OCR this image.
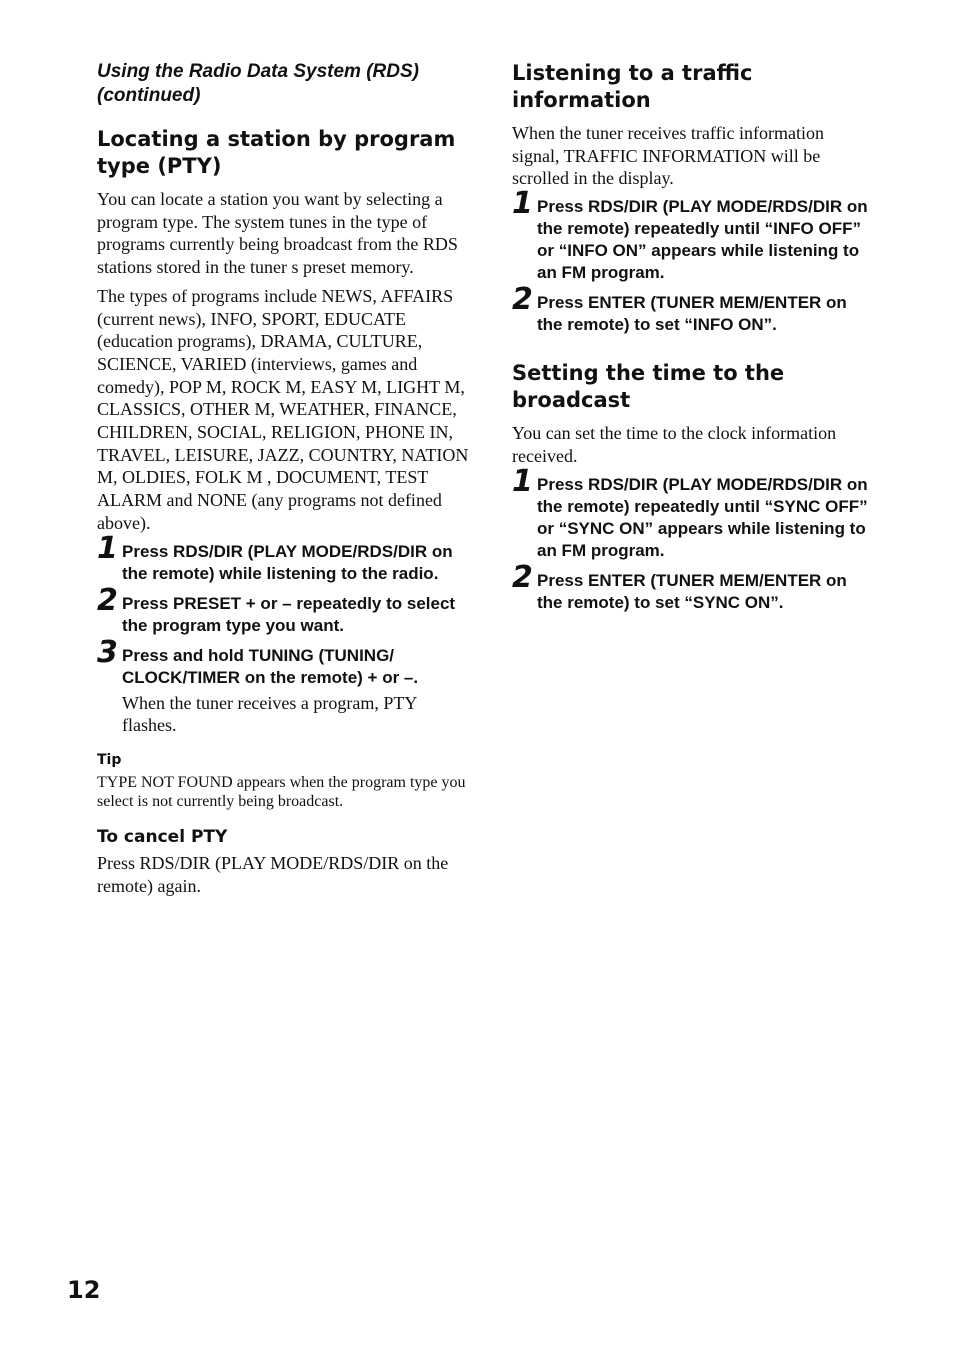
Using the Radio Data System (RDS) (continued)
Locating a station by program type (PTY)

You can locate a station you want by selecting a program type. The system tunes in the type of programs currently being broadcast from the RDS stations stored in the tuner s preset memory.

The types of programs include NEWS, AFFAIRS (current news), INFO, SPORT, EDUCATE (education programs), DRAMA, CULTURE, SCIENCE, VARIED (interviews, games and comedy), POP M, ROCK M, EASY M, LIGHT M, CLASSICS, OTHER M, WEATHER, FINANCE, CHILDREN, SOCIAL, RELIGION, PHONE IN, TRAVEL, LEISURE, JAZZ, COUNTRY, NATION M, OLDIES, FOLK M , DOCUMENT, TEST ALARM and NONE (any programs not defined above).

1 Press RDS/DIR (PLAY MODE/RDS/DIR on the remote) while listening to the radio.

2 Press PRESET + or – repeatedly to select the program type you want.

3 Press and hold TUNING (TUNING/ CLOCK/TIMER on the remote) + or –.

When the tuner receives a program, PTY flashes.

Tip

TYPE NOT FOUND appears when the program type you select is not currently being broadcast.

To cancel PTY

Press RDS/DIR (PLAY MODE/RDS/DIR on the remote) again.

Listening to a traffic information

When the tuner receives traffic information signal, TRAFFIC INFORMATION will be scrolled in the display.

1 Press RDS/DIR (PLAY MODE/RDS/DIR on the remote) repeatedly until “INFO OFF” or “INFO ON” appears while listening to an FM program.

2 Press ENTER (TUNER MEM/ENTER on the remote) to set “INFO ON”.

Setting the time to the broadcast

You can set the time to the clock information received.

1 Press RDS/DIR (PLAY MODE/RDS/DIR on the remote) repeatedly until “SYNC OFF” or “SYNC ON” appears while listening to an FM program.

2 Press ENTER (TUNER MEM/ENTER on the remote) to set “SYNC ON”.

12
